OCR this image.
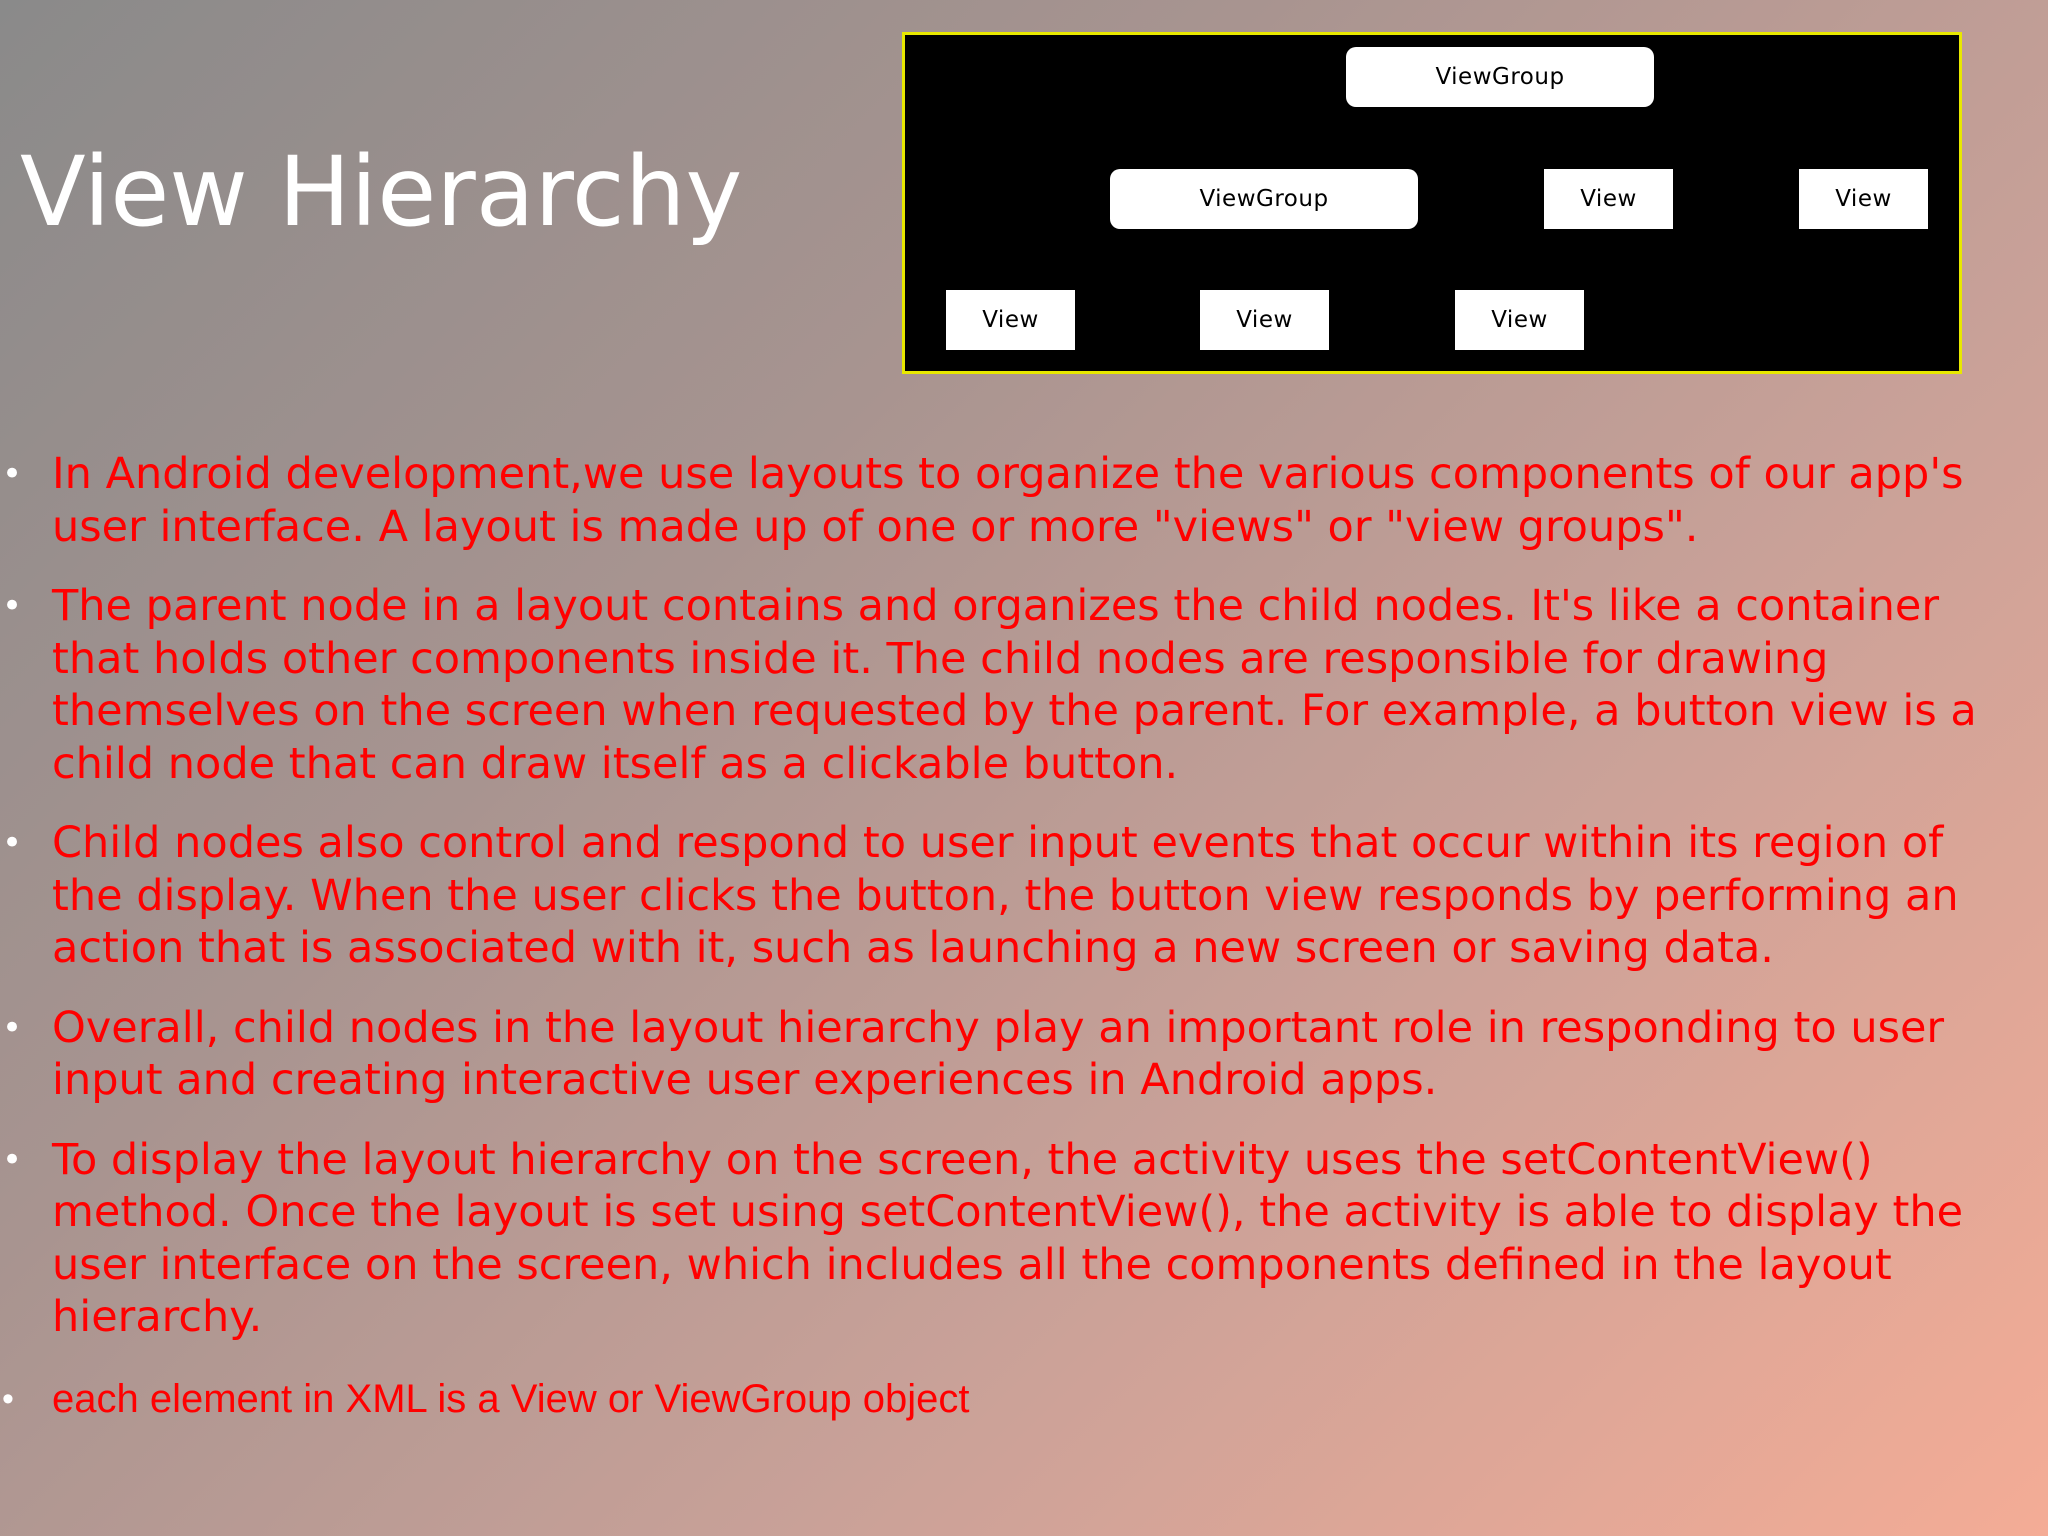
View Hierarchy
ViewGroup
ViewGroup	View	View
View	View	View
• In Android development,we use layouts to organize the various components of our app's user interface. A layout is made up of one or more "views" or "view groups".
• The parent node in a layout contains and organizes the child nodes. It's like a container that holds other components inside it. The child nodes are responsible for drawing themselves on the screen when requested by the parent. For example, a button view is a child node that can draw itself as a clickable button.
• Child nodes also control and respond to user input events that occur within its region of the display. When the user clicks the button, the button view responds by performing an action that is associated with it, such as launching a new screen or saving data.
• Overall, child nodes in the layout hierarchy play an important role in responding to user input and creating interactive user experiences in Android apps.
• To display the layout hierarchy on the screen, the activity uses the setContentView() method. Once the layout is set using setContentView(), the activity is able to display the user interface on the screen, which includes all the components defined in the layout hierarchy.
• each element in XML is a View or ViewGroup object
